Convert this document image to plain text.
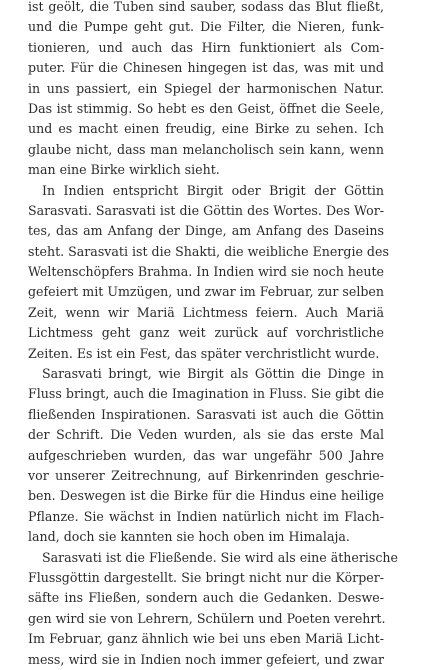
ist geölt, die Tuben sind sauber, sodass das Blut fließt,
und die Pumpe geht gut. Die Filter, die Nieren, funk-
tionieren, und auch das Hirn funktioniert als Com-
puter. Für die Chinesen hingegen ist das, was mit und
in uns passiert, ein Spiegel der harmonischen Natur.
Das ist stimmig. So hebt es den Geist, öffnet die Seele,
und es macht einen freudig, eine Birke zu sehen. Ich
glaube nicht, dass man melancholisch sein kann, wenn
man eine Birke wirklich sieht.
In Indien entspricht Birgit oder Brigit der Göttin
Sarasvati. Sarasvati ist die Göttin des Wortes. Des Wor-
tes, das am Anfang der Dinge, am Anfang des Daseins
steht. Sarasvati ist die Shakti, die weibliche Energie des
Weltenschöpfers Brahma. In Indien wird sie noch heute
gefeiert mit Umzügen, und zwar im Februar, zur selben
Zeit, wenn wir Mariä Lichtmess feiern. Auch Mariä
Lichtmess geht ganz weit zurück auf vorchristliche
Zeiten. Es ist ein Fest, das später verchristlicht wurde.
Sarasvati bringt, wie Birgit als Göttin die Dinge in
Fluss bringt, auch die Imagination in Fluss. Sie gibt die
fließenden Inspirationen. Sarasvati ist auch die Göttin
der Schrift. Die Veden wurden, als sie das erste Mal
aufgeschrieben wurden, das war ungefähr 500 Jahre
vor unserer Zeitrechnung, auf Birkenrinden geschrie-
ben. Deswegen ist die Birke für die Hindus eine heilige
Pflanze. Sie wächst in Indien natürlich nicht im Flach-
land, doch sie kannten sie hoch oben im Himalaja.
Sarasvati ist die Fließende. Sie wird als eine ätherische
Flussgöttin dargestellt. Sie bringt nicht nur die Körper-
säfte ins Fließen, sondern auch die Gedanken. Deswe-
gen wird sie von Lehrern, Schülern und Poeten verehrt.
Im Februar, ganz ähnlich wie bei uns eben Mariä Licht-
mess, wird sie in Indien noch immer gefeiert, und zwar
